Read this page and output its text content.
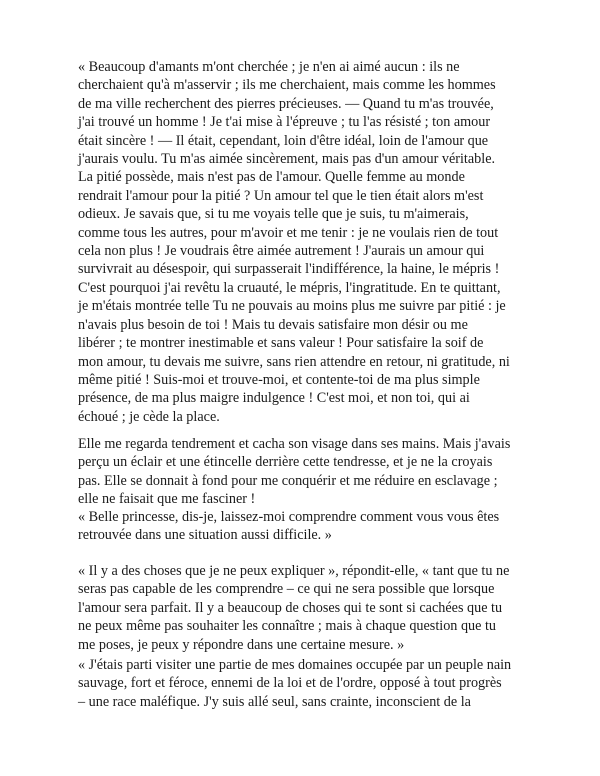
« Beaucoup d'amants m'ont cherchée ; je n'en ai aimé aucun : ils ne
cherchaient qu'à m'asservir ; ils me cherchaient, mais comme les hommes
de ma ville recherchent des pierres précieuses. — Quand tu m'as trouvée,
j'ai trouvé un homme ! Je t'ai mise à l'épreuve ; tu l'as résisté ; ton amour
était sincère ! — Il était, cependant, loin d'être idéal, loin de l'amour que
j'aurais voulu. Tu m'as aimée sincèrement, mais pas d'un amour véritable.
La pitié possède, mais n'est pas de l'amour. Quelle femme au monde
rendrait l'amour pour la pitié ? Un amour tel que le tien était alors m'est
odieux. Je savais que, si tu me voyais telle que je suis, tu m'aimerais,
comme tous les autres, pour m'avoir et me tenir : je ne voulais rien de tout
cela non plus ! Je voudrais être aimée autrement ! J'aurais un amour qui
survivrait au désespoir, qui surpasserait l'indifférence, la haine, le mépris !
C'est pourquoi j'ai revêtu la cruauté, le mépris, l'ingratitude. En te quittant,
je m'étais montrée telle Tu ne pouvais au moins plus me suivre par pitié : je
n'avais plus besoin de toi ! Mais tu devais satisfaire mon désir ou me
libérer ; te montrer inestimable et sans valeur ! Pour satisfaire la soif de
mon amour, tu devais me suivre, sans rien attendre en retour, ni gratitude, ni
même pitié ! Suis-moi et trouve-moi, et contente-toi de ma plus simple
présence, de ma plus maigre indulgence ! C'est moi, et non toi, qui ai
échoué ; je cède la place.

Elle me regarda tendrement et cacha son visage dans ses mains. Mais j'avais
perçu un éclair et une étincelle derrière cette tendresse, et je ne la croyais
pas. Elle se donnait à fond pour me conquérir et me réduire en esclavage ;
elle ne faisait que me fasciner !

« Belle princesse, dis-je, laissez-moi comprendre comment vous vous êtes
retrouvée dans une situation aussi difficile. »

« Il y a des choses que je ne peux expliquer », répondit-elle, « tant que tu ne
seras pas capable de les comprendre – ce qui ne sera possible que lorsque
l'amour sera parfait. Il y a beaucoup de choses qui te sont si cachées que tu
ne peux même pas souhaiter les connaître ; mais à chaque question que tu
me poses, je peux y répondre dans une certaine mesure. »

« J'étais parti visiter une partie de mes domaines occupée par un peuple nain
sauvage, fort et féroce, ennemi de la loi et de l'ordre, opposé à tout progrès
– une race maléfique. J'y suis allé seul, sans crainte, inconscient de la
